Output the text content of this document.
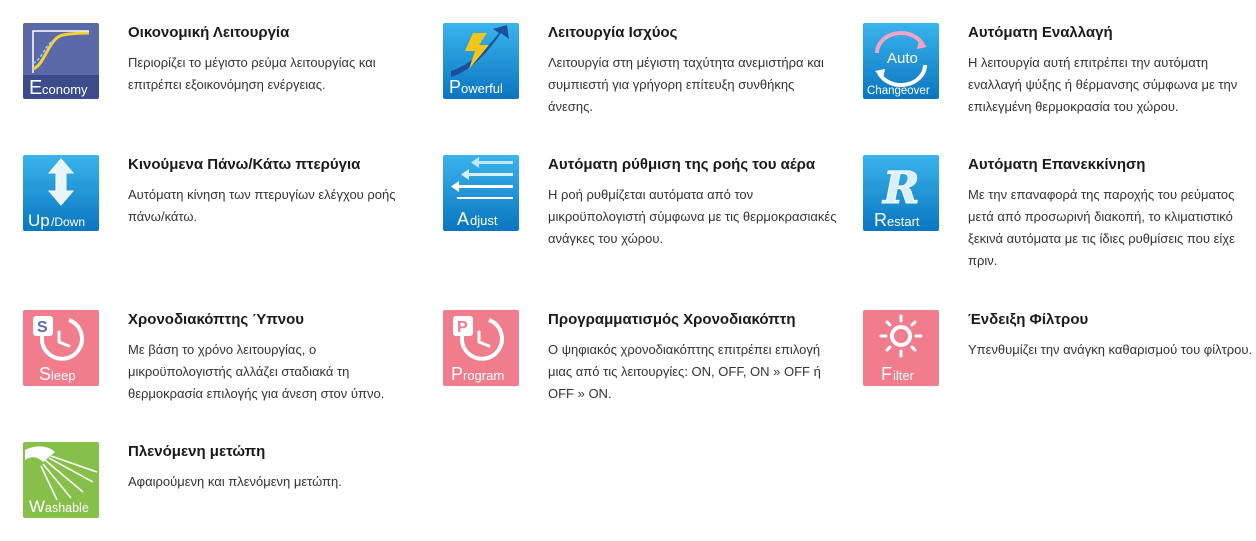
E conomy
Οικονομική Λειτουργία

Περιορίζει το μέγιστο ρεύμα λειτουργίας και επιτρέπει εξοικονόμηση ενέργειας.	P owerful
Λειτουργία Ισχύος

Λειτουργία στη μέγιστη ταχύτητα ανεμιστήρα και συμπιεστή για γρήγορη επίτευξη συνθήκης άνεσης.

Auto
Changeover
Αυτόματη Εναλλαγή

Η λειτουργία αυτή επιτρέπει την αυτόματη εναλλαγή ψύξης ή θέρμανσης σύμφωνα με την επιλεγμένη θερμοκρασία του χώρου.

Up /Down
Κινούμενα Πάνω/Κάτω πτερύγια

Αυτόματη κίνηση των πτερυγίων ελέγχου ροής πάνω/κάτω.	A djust
Αυτόματη ρύθμιση της ροής του αέρα

Η ροή ρυθμίζεται αυτόματα από τον μικροϋπολογιστή σύμφωνα με τις θερμοκρασιακές ανάγκες του χώρου.

R
R estart
Αυτόματη Επανεκκίνηση

Με την επαναφορά της παροχής του ρεύματος μετά από προσωρινή διακοπή, το κλιματιστικό ξεκινά αυτόματα με τις ίδιες ρυθμίσεις που είχε πριν.

S
S leep
Χρονοδιακόπτης Ύπνου

Με βάση το χρόνο λειτουργίας, ο μικροϋπολογιστής αλλάζει σταδιακά τη θερμοκρασία επιλογής για άνεση στον ύπνο.

P
P rogram
Προγραμματισμός Χρονοδιακόπτη

Ο ψηφιακός χρονοδιακόπτης επιτρέπει επιλογή μιας από τις λειτουργίες: ON, OFF, ON » OFF ή OFF » ON.

F ilter
Ένδειξη Φίλτρου

Υπενθυμίζει την ανάγκη καθαρισμού του φίλτρου.

W ashable
Πλενόμενη μετώπη

Αφαιρούμενη και πλενόμενη μετώπη.
